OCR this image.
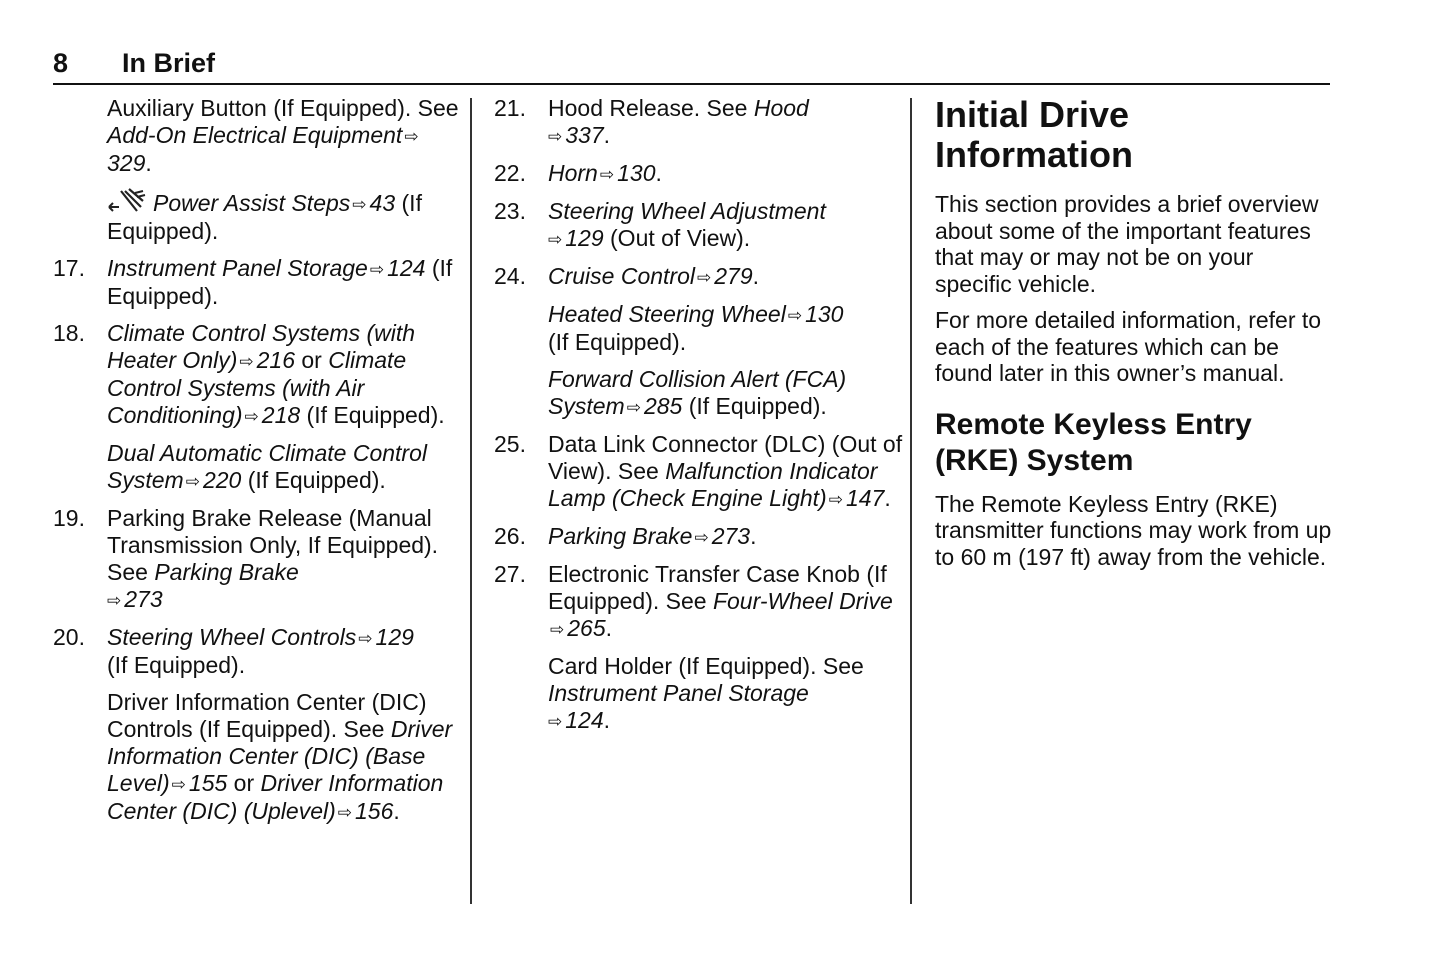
8 In Brief
Auxiliary Button (If Equipped). See Add-On Electrical Equipment ⇨329.
Power Assist Steps ⇨ 43 (If Equipped).
17. Instrument Panel Storage ⇨ 124 (If Equipped).
18. Climate Control Systems (with Heater Only) ⇨ 216 or Climate Control Systems (with Air Conditioning) ⇨ 218 (If Equipped).
Dual Automatic Climate Control System ⇨ 220 (If Equipped).
19. Parking Brake Release (Manual Transmission Only, If Equipped). See Parking Brake
⇨ 273
20. Steering Wheel Controls ⇨ 129
(If Equipped).
Driver Information Center (DIC) Controls (If Equipped). See Driver Information Center (DIC) (Base Level) ⇨ 155 or Driver Information Center (DIC) (Uplevel) ⇨ 156.
21. Hood Release. See Hood
⇨ 337.
22. Horn ⇨ 130.
23. Steering Wheel Adjustment
⇨ 129 (Out of View).
24. Cruise Control ⇨ 279.
Heated Steering Wheel ⇨ 130
(If Equipped).
Forward Collision Alert (FCA) System ⇨ 285 (If Equipped).
25. Data Link Connector (DLC) (Out of View). See Malfunction Indicator Lamp (Check Engine Light) ⇨ 147.
26. Parking Brake ⇨ 273.
27. Electronic Transfer Case Knob (If Equipped). See Four-Wheel Drive⇨ 265.
Card Holder (If Equipped). See Instrument Panel Storage
⇨ 124.
Initial Drive Information

This section provides a brief overview about some of the important features that may or may not be on your specific vehicle.

For more detailed information, refer to each of the features which can be found later in this owner’s manual.

Remote Keyless Entry (RKE) System

The Remote Keyless Entry (RKE) transmitter functions may work from up to 60 m (197 ft) away from the vehicle.
